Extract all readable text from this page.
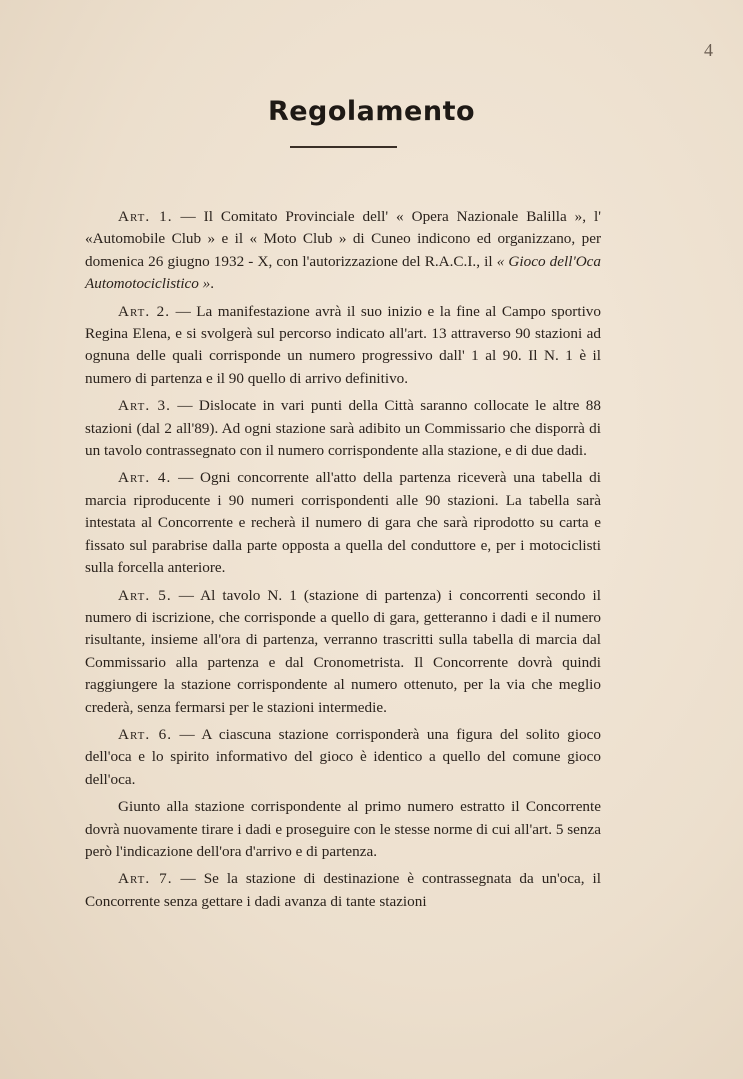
4
Regolamento

Art. 1. — Il Comitato Provinciale dell' « Opera Nazionale Balilla », l' «Automobile Club » e il « Moto Club » di Cuneo indicono ed organizzano, per domenica 26 giugno 1932 - X, con l'autorizzazione del R.A.C.I., il « Gioco dell'Oca Automotociclistico ».

Art. 2. — La manifestazione avrà il suo inizio e la fine al Campo sportivo Regina Elena, e si svolgerà sul percorso indicato all'art. 13 attraverso 90 stazioni ad ognuna delle quali corrisponde un numero progressivo dall' 1 al 90. Il N. 1 è il numero di partenza e il 90 quello di arrivo definitivo.

Art. 3. — Dislocate in vari punti della Città saranno collocate le altre 88 stazioni (dal 2 all'89). Ad ogni stazione sarà adibito un Commissario che disporrà di un tavolo contrassegnato con il numero corrispondente alla stazione, e di due dadi.

Art. 4. — Ogni concorrente all'atto della partenza riceverà una tabella di marcia riproducente i 90 numeri corrispondenti alle 90 stazioni. La tabella sarà intestata al Concorrente e recherà il numero di gara che sarà riprodotto su carta e fissato sul parabrise dalla parte opposta a quella del conduttore e, per i motociclisti sulla forcella anteriore.

Art. 5. — Al tavolo N. 1 (stazione di partenza) i concorrenti secondo il numero di iscrizione, che corrisponde a quello di gara, getteranno i dadi e il numero risultante, insieme all'ora di partenza, verranno trascritti sulla tabella di marcia dal Commissario alla partenza e dal Cronometrista. Il Concorrente dovrà quindi raggiungere la stazione corrispondente al numero ottenuto, per la via che meglio crederà, senza fermarsi per le stazioni intermedie.

Art. 6. — A ciascuna stazione corrisponderà una figura del solito gioco dell'oca e lo spirito informativo del gioco è identico a quello del comune gioco dell'oca.

Giunto alla stazione corrispondente al primo numero estratto il Concorrente dovrà nuovamente tirare i dadi e proseguire con le stesse norme di cui all'art. 5 senza però l'indicazione dell'ora d'arrivo e di partenza.

Art. 7. — Se la stazione di destinazione è contrassegnata da un'oca, il Concorrente senza gettare i dadi avanza di tante stazioni
